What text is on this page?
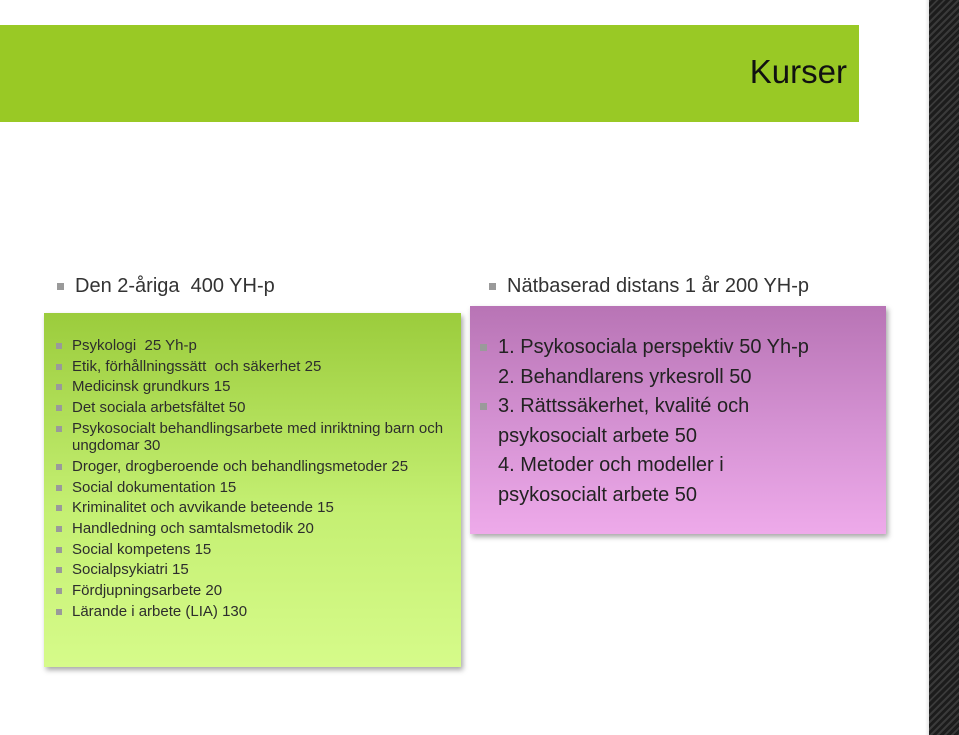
Kurser
Den 2-åriga  400 YH-p	Nätbaserad distans 1 år 200 YH-p
Psykologi  25 Yh-p
Etik, förhållningssätt  och säkerhet 25
Medicinsk grundkurs 15
Det sociala arbetsfältet 50
Psykosocialt behandlingsarbete med inriktning barn och ungdomar 30
Droger, drogberoende och behandlingsmetoder 25
Social dokumentation 15
Kriminalitet och avvikande beteende 15
Handledning och samtalsmetodik 20
Social kompetens 15
Socialpsykiatri 15
Fördjupningsarbete 20
Lärande i arbete (LIA) 130
1. Psykosociala perspektiv 50 Yh-p
2. Behandlarens yrkesroll 50
3. Rättssäkerhet, kvalité och
psykosocialt arbete 50
4. Metoder och modeller i
psykosocialt arbete 50
